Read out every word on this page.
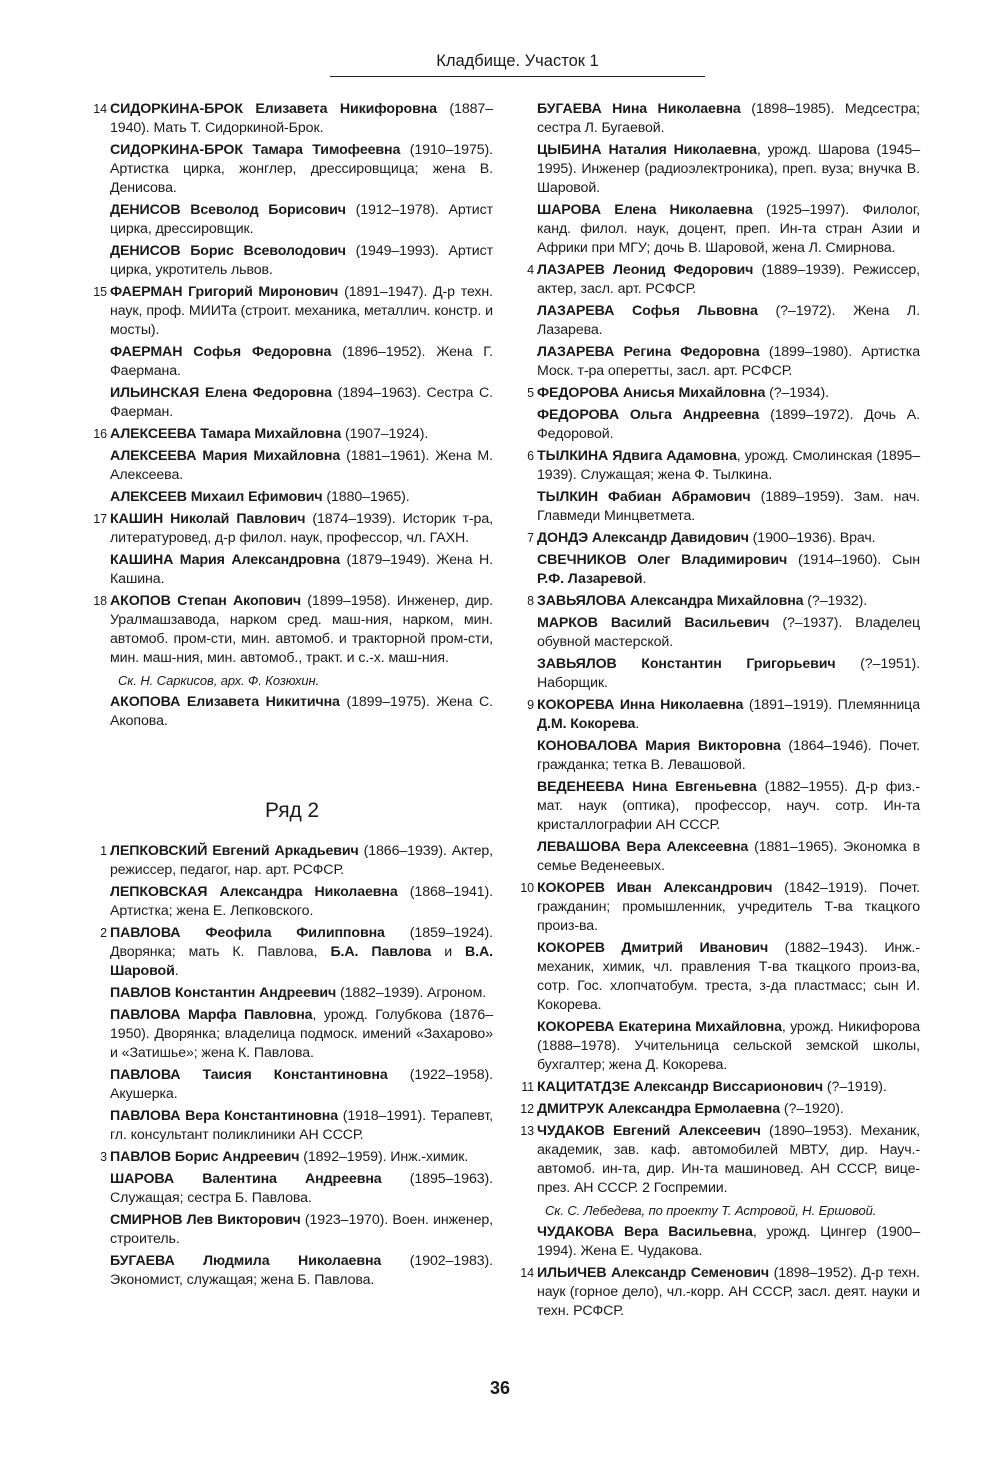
Кладбище. Участок 1
14 СИДОРКИНА-БРОК Елизавета Никифоровна (1887–1940). Мать Т. Сидоркиной-Брок.
СИДОРКИНА-БРОК Тамара Тимофеевна (1910–1975). Артистка цирка, жонглер, дрессировщица; жена В. Денисова.
ДЕНИСОВ Всеволод Борисович (1912–1978). Артист цирка, дрессировщик.
ДЕНИСОВ Борис Всеволодович (1949–1993). Артист цирка, укротитель львов.
15 ФАЕРМАН Григорий Миронович (1891–1947). Д-р техн. наук, проф. МИИТа (строит. механика, металлич. констр. и мосты).
ФАЕРМАН Софья Федоровна (1896–1952). Жена Г. Фаермана.
ИЛЬИНСКАЯ Елена Федоровна (1894–1963). Сестра С. Фаерман.
16 АЛЕКСЕЕВА Тамара Михайловна (1907–1924).
АЛЕКСЕЕВА Мария Михайловна (1881–1961). Жена М. Алексеева.
АЛЕКСЕЕВ Михаил Ефимович (1880–1965).
17 КАШИН Николай Павлович (1874–1939). Историк т-ра, литературовед, д-р филол. наук, профессор, чл. ГАХН.
КАШИНА Мария Александровна (1879–1949). Жена Н. Кашина.
18 АКОПОВ Степан Акопович (1899–1958). Инженер, дир. Уралмашзавода, нарком сред. маш-ния, нарком, мин. автомоб. пром-сти, мин. автомоб. и тракторной пром-сти, мин. маш-ния, мин. автомоб., тракт. и с.-х. маш-ния.
Ск. Н. Саркисов, арх. Ф. Козюхин.
АКОПОВА Елизавета Никитична (1899–1975). Жена С. Акопова.
Ряд 2
1 ЛЕПКОВСКИЙ Евгений Аркадьевич (1866–1939). Актер, режиссер, педагог, нар. арт. РСФСР.
ЛЕПКОВСКАЯ Александра Николаевна (1868–1941). Артистка; жена Е. Лепковского.
2 ПАВЛОВА Феофила Филипповна (1859–1924). Дворянка; мать К. Павлова, Б.А. Павлова и В.А. Шаровой.
ПАВЛОВ Константин Андреевич (1882–1939). Агроном.
ПАВЛОВА Марфа Павловна, урожд. Голубкова (1876–1950). Дворянка; владелица подмоск. имений «Захарово» и «Затишье»; жена К. Павлова.
ПАВЛОВА Таисия Константиновна (1922–1958). Акушерка.
ПАВЛОВА Вера Константиновна (1918–1991). Терапевт, гл. консультант поликлиники АН СССР.
3 ПАВЛОВ Борис Андреевич (1892–1959). Инж.-химик.
ШАРОВА Валентина Андреевна (1895–1963). Служащая; сестра Б. Павлова.
СМИРНОВ Лев Викторович (1923–1970). Воен. инженер, строитель.
БУГАЕВА Людмила Николаевна (1902–1983). Экономист, служащая; жена Б. Павлова.
БУГАЕВА Нина Николаевна (1898–1985). Медсестра; сестра Л. Бугаевой.
ЦЫБИНА Наталия Николаевна, урожд. Шарова (1945–1995). Инженер (радиоэлектроника), преп. вуза; внучка В. Шаровой.
ШАРОВА Елена Николаевна (1925–1997). Филолог, канд. филол. наук, доцент, преп. Ин-та стран Азии и Африки при МГУ; дочь В. Шаровой, жена Л. Смирнова.
4 ЛАЗАРЕВ Леонид Федорович (1889–1939). Режиссер, актер, засл. арт. РСФСР.
ЛАЗАРЕВА Софья Львовна (?–1972). Жена Л. Лазарева.
ЛАЗАРЕВА Регина Федоровна (1899–1980). Артистка Моск. т-ра оперетты, засл. арт. РСФСР.
5 ФЕДОРОВА Анисья Михайловна (?–1934).
ФЕДОРОВА Ольга Андреевна (1899–1972). Дочь А. Федоровой.
6 ТЫЛКИНА Ядвига Адамовна, урожд. Смолинская (1895–1939). Служащая; жена Ф. Тылкина.
ТЫЛКИН Фабиан Абрамович (1889–1959). Зам. нач. Главмеди Минцветмета.
7 ДОНДЭ Александр Давидович (1900–1936). Врач.
СВЕЧНИКОВ Олег Владимирович (1914–1960). Сын Р.Ф. Лазаревой.
8 ЗАВЬЯЛОВА Александра Михайловна (?–1932).
МАРКОВ Василий Васильевич (?–1937). Владелец обувной мастерской.
ЗАВЬЯЛОВ Константин Григорьевич (?–1951). Наборщик.
9 КОКОРЕВА Инна Николаевна (1891–1919). Племянница Д.М. Кокорева.
КОНОВАЛОВА Мария Викторовна (1864–1946). Почет. гражданка; тетка В. Левашовой.
ВЕДЕНЕЕВА Нина Евгеньевна (1882–1955). Д-р физ.-мат. наук (оптика), профессор, науч. сотр. Ин-та кристаллографии АН СССР.
ЛЕВАШОВА Вера Алексеевна (1881–1965). Экономка в семье Веденеевых.
10 КОКОРЕВ Иван Александрович (1842–1919). Почет. гражданин; промышленник, учредитель Т-ва ткацкого произ-ва.
КОКОРЕВ Дмитрий Иванович (1882–1943). Инж.-механик, химик, чл. правления Т-ва ткацкого произ-ва, сотр. Гос. хлопчатобум. треста, з-да пластмасс; сын И. Кокорева.
КОКОРЕВА Екатерина Михайловна, урожд. Никифорова (1888–1978). Учительница сельской земской школы, бухгалтер; жена Д. Кокорева.
11 КАЦИТАТДЗЕ Александр Виссарионович (?–1919).
12 ДМИТРУК Александра Ермолаевна (?–1920).
13 ЧУДАКОВ Евгений Алексеевич (1890–1953). Механик, академик, зав. каф. автомобилей МВТУ, дир. Науч.-автомоб. ин-та, дир. Ин-та машиновед. АН СССР, вице-през. АН СССР. 2 Госпремии.
Ск. С. Лебедева, по проекту Т. Астровой, Н. Ершовой.
ЧУДАКОВА Вера Васильевна, урожд. Цингер (1900–1994). Жена Е. Чудакова.
14 ИЛЬИЧЕВ Александр Семенович (1898–1952). Д-р техн. наук (горное дело), чл.-корр. АН СССР, засл. деят. науки и техн. РСФСР.
36
